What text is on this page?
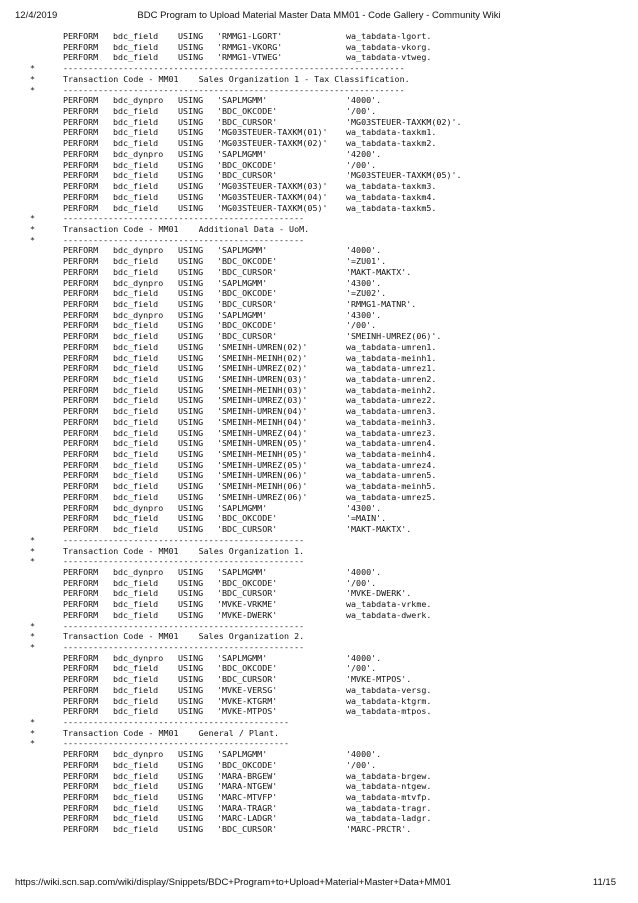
12/4/2019	BDC Program to Upload Material Master Data MM01 - Code Gallery - Community Wiki
PERFORM bdc_field USING 'RMMG1-LGORT'	wa_tabdata-lgort.
PERFORM bdc_field USING 'RMMG1-VKORG'	wa_tabdata-vkorg.
PERFORM bdc_field USING 'RMMG1-VTWEG'	wa_tabdata-vtweg.
*	--------------------------------------------------------------------
*	Transaction Code - MM01    Sales Organization 1 - Tax Classification.
*	--------------------------------------------------------------------
PERFORM bdc_dynpro USING 'SAPLMGMM'	'4000'.
PERFORM bdc_field USING 'BDC_OKCODE'	'/00'.
PERFORM bdc_field USING 'BDC_CURSOR'	'MG03STEUER-TAXKM(02)'.
PERFORM bdc_field USING 'MG03STEUER-TAXKM(01)' wa_tabdata-taxkm1.
PERFORM bdc_field USING 'MG03STEUER-TAXKM(02)' wa_tabdata-taxkm2.
PERFORM bdc_dynpro USING 'SAPLMGMM'	'4200'.
PERFORM bdc_field USING 'BDC_OKCODE'	'/00'.
PERFORM bdc_field USING 'BDC_CURSOR'	'MG03STEUER-TAXKM(05)'.
PERFORM bdc_field USING 'MG03STEUER-TAXKM(03)' wa_tabdata-taxkm3.
PERFORM bdc_field USING 'MG03STEUER-TAXKM(04)' wa_tabdata-taxkm4.
PERFORM bdc_field USING 'MG03STEUER-TAXKM(05)' wa_tabdata-taxkm5.
*	------------------------------------------------
*	Transaction Code - MM01    Additional Data - UoM.
*	------------------------------------------------
PERFORM bdc_dynpro USING 'SAPLMGMM'	'4000'.
PERFORM bdc_field USING 'BDC_OKCODE'	'=ZU01'.
PERFORM bdc_field USING 'BDC_CURSOR'	'MAKT-MAKTX'.
PERFORM bdc_dynpro USING 'SAPLMGMM'	'4300'.
PERFORM bdc_field USING 'BDC_OKCODE'	'=ZU02'.
PERFORM bdc_field USING 'BDC_CURSOR'	'RMMG1-MATNR'.
PERFORM bdc_dynpro USING 'SAPLMGMM'	'4300'.
PERFORM bdc_field USING 'BDC_OKCODE'	'/00'.
PERFORM bdc_field USING 'BDC_CURSOR'	'SMEINH-UMREZ(06)'.
PERFORM bdc_field USING 'SMEINH-UMREN(02)'	wa_tabdata-umren1.
PERFORM bdc_field USING 'SMEINH-MEINH(02)'	wa_tabdata-meinh1.
PERFORM bdc_field USING 'SMEINH-UMREZ(02)'	wa_tabdata-umrez1.
PERFORM bdc_field USING 'SMEINH-UMREN(03)'	wa_tabdata-umren2.
PERFORM bdc_field USING 'SMEINH-MEINH(03)'	wa_tabdata-meinh2.
PERFORM bdc_field USING 'SMEINH-UMREZ(03)'	wa_tabdata-umrez2.
PERFORM bdc_field USING 'SMEINH-UMREN(04)'	wa_tabdata-umren3.
PERFORM bdc_field USING 'SMEINH-MEINH(04)'	wa_tabdata-meinh3.
PERFORM bdc_field USING 'SMEINH-UMREZ(04)'	wa_tabdata-umrez3.
PERFORM bdc_field USING 'SMEINH-UMREN(05)'	wa_tabdata-umren4.
PERFORM bdc_field USING 'SMEINH-MEINH(05)'	wa_tabdata-meinh4.
PERFORM bdc_field USING 'SMEINH-UMREZ(05)'	wa_tabdata-umrez4.
PERFORM bdc_field USING 'SMEINH-UMREN(06)'	wa_tabdata-umren5.
PERFORM bdc_field USING 'SMEINH-MEINH(06)'	wa_tabdata-meinh5.
PERFORM bdc_field USING 'SMEINH-UMREZ(06)'	wa_tabdata-umrez5.
PERFORM bdc_dynpro USING 'SAPLMGMM'	'4300'.
PERFORM bdc_field USING 'BDC_OKCODE'	'=MAIN'.
PERFORM bdc_field USING 'BDC_CURSOR'	'MAKT-MAKTX'.
*	------------------------------------------------
*	Transaction Code - MM01    Sales Organization 1.
*	------------------------------------------------
PERFORM bdc_dynpro USING 'SAPLMGMM'	'4000'.
PERFORM bdc_field USING 'BDC_OKCODE'	'/00'.
PERFORM bdc_field USING 'BDC_CURSOR'	'MVKE-DWERK'.
PERFORM bdc_field USING 'MVKE-VRKME'	wa_tabdata-vrkme.
PERFORM bdc_field USING 'MVKE-DWERK'	wa_tabdata-dwerk.
*	------------------------------------------------
*	Transaction Code - MM01    Sales Organization 2.
*	------------------------------------------------
PERFORM bdc_dynpro USING 'SAPLMGMM'	'4000'.
PERFORM bdc_field USING 'BDC_OKCODE'	'/00'.
PERFORM bdc_field USING 'BDC_CURSOR'	'MVKE-MTPOS'.
PERFORM bdc_field USING 'MVKE-VERSG'	wa_tabdata-versg.
PERFORM bdc_field USING 'MVKE-KTGRM'	wa_tabdata-ktgrm.
PERFORM bdc_field USING 'MVKE-MTPOS'	wa_tabdata-mtpos.
*	---------------------------------------------
*	Transaction Code - MM01    General / Plant.
*	---------------------------------------------
PERFORM bdc_dynpro USING 'SAPLMGMM'	'4000'.
PERFORM bdc_field USING 'BDC_OKCODE'	'/00'.
PERFORM bdc_field USING 'MARA-BRGEW'	wa_tabdata-brgew.
PERFORM bdc_field USING 'MARA-NTGEW'	wa_tabdata-ntgew.
PERFORM bdc_field USING 'MARC-MTVFP'	wa_tabdata-mtvfp.
PERFORM bdc_field USING 'MARA-TRAGR'	wa_tabdata-tragr.
PERFORM bdc_field USING 'MARC-LADGR'	wa_tabdata-ladgr.
PERFORM bdc_field USING 'BDC_CURSOR'	'MARC-PRCTR'.
https://wiki.scn.sap.com/wiki/display/Snippets/BDC+Program+to+Upload+Material+Master+Data+MM01	11/15
